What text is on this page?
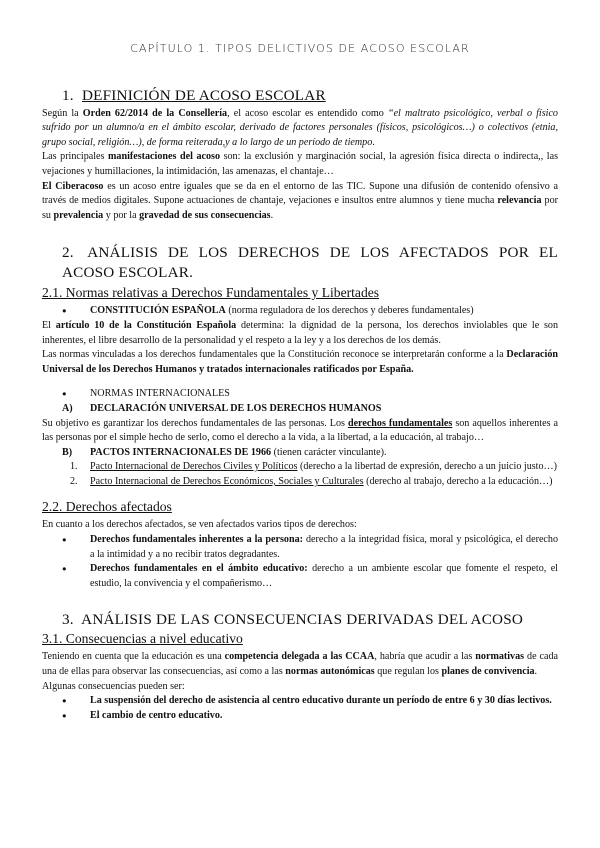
CAPÍTULO 1. TIPOS DELICTIVOS DE ACOSO ESCOLAR
1. DEFINICIÓN DE ACOSO ESCOLAR

Según la Orden 62/2014 de la Consellería, el acoso escolar es entendido como “el maltrato psicológico, verbal o físico sufrido por un alumno/a en el ámbito escolar, derivado de factores personales (físicos, psicológicos…) o colectivos (etnia, grupo social, religión…), de forma reiterada,y a lo largo de un período de tiempo.

Las principales manifestaciones del acoso son: la exclusión y marginación social, la agresión física directa o indirecta,, las vejaciones y humillaciones, la intimidación, las amenazas, el chantaje…

El Ciberacoso es un acoso entre iguales que se da en el entorno de las TIC. Supone una difusión de contenido ofensivo a través de medios digitales. Supone actuaciones de chantaje, vejaciones e insultos entre alumnos y tiene mucha relevancia por su prevalencia y por la gravedad de sus consecuencias.

2. ANÁLISIS DE LOS DERECHOS DE LOS AFECTADOS POR EL ACOSO ESCOLAR.
2.1. Normas relativas a Derechos Fundamentales y Libertades

● CONSTITUCIÓN ESPAÑOLA (norma reguladora de los derechos y deberes fundamentales)

El artículo 10 de la Constitución Española determina: la dignidad de la persona, los derechos inviolables que le son inherentes, el libre desarrollo de la personalidad y el respeto a la ley y a los derechos de los demás.

Las normas vinculadas a los derechos fundamentales que la Constitución reconoce se interpretarán conforme a la Declaración Universal de los Derechos Humanos y tratados internacionales ratificados por España.

● NORMAS INTERNACIONALES

A) DECLARACIÓN UNIVERSAL DE LOS DERECHOS HUMANOS

Su objetivo es garantizar los derechos fundamentales de las personas. Los derechos fundamentales son aquellos inherentes a las personas por el simple hecho de serlo, como el derecho a la vida, a la libertad, a la educación, al trabajo…

B) PACTOS INTERNACIONALES DE 1966 (tienen carácter vinculante).

1. Pacto Internacional de Derechos Civiles y Políticos (derecho a la libertad de expresión, derecho a un juicio justo…)

2. Pacto Internacional de Derechos Económicos, Sociales y Culturales (derecho al trabajo, derecho a la educación…)

2.2. Derechos afectados

En cuanto a los derechos afectados, se ven afectados varios tipos de derechos:

● Derechos fundamentales inherentes a la persona: derecho a la integridad física, moral y psicológica, el derecho a la intimidad y a no recibir tratos degradantes.

● Derechos fundamentales en el ámbito educativo: derecho a un ambiente escolar que fomente el respeto, el estudio, la convivencia y el compañerismo…

3. ANÁLISIS DE LAS CONSECUENCIAS DERIVADAS DEL ACOSO
3.1. Consecuencias a nivel educativo

Teniendo en cuenta que la educación es una competencia delegada a las CCAA, habría que acudir a las normativas de cada una de ellas para observar las consecuencias, así como a las normas autonómicas que regulan los planes de convivencia.

Algunas consecuencias pueden ser:

● La suspensión del derecho de asistencia al centro educativo durante un período de entre 6 y 30 días lectivos.

● El cambio de centro educativo.
